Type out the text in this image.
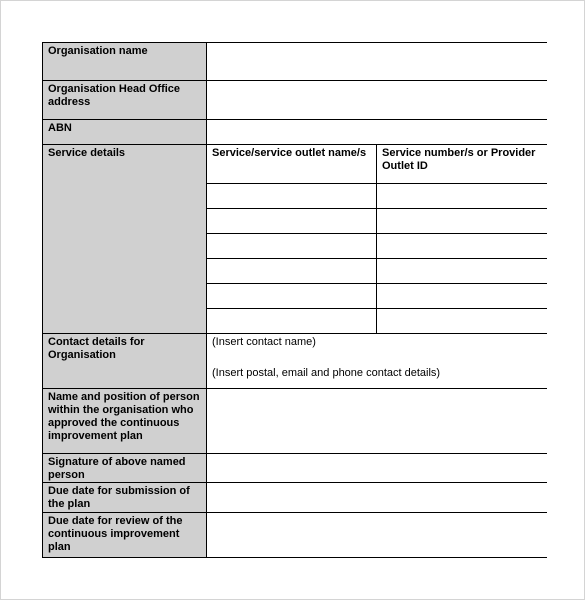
Organisation name		
Organisation Head Office address		
ABN		
Service details	Service/service outlet name/s	Service number/s or Provider Outlet ID

Contact details for Organisation	(Insert contact name)
(Insert postal, email and phone contact details)	

Name and position of person within the organisation who approved the continuous improvement plan		
Signature of above named person		
Due date for submission of the plan		
Due date for review of the continuous improvement plan		
